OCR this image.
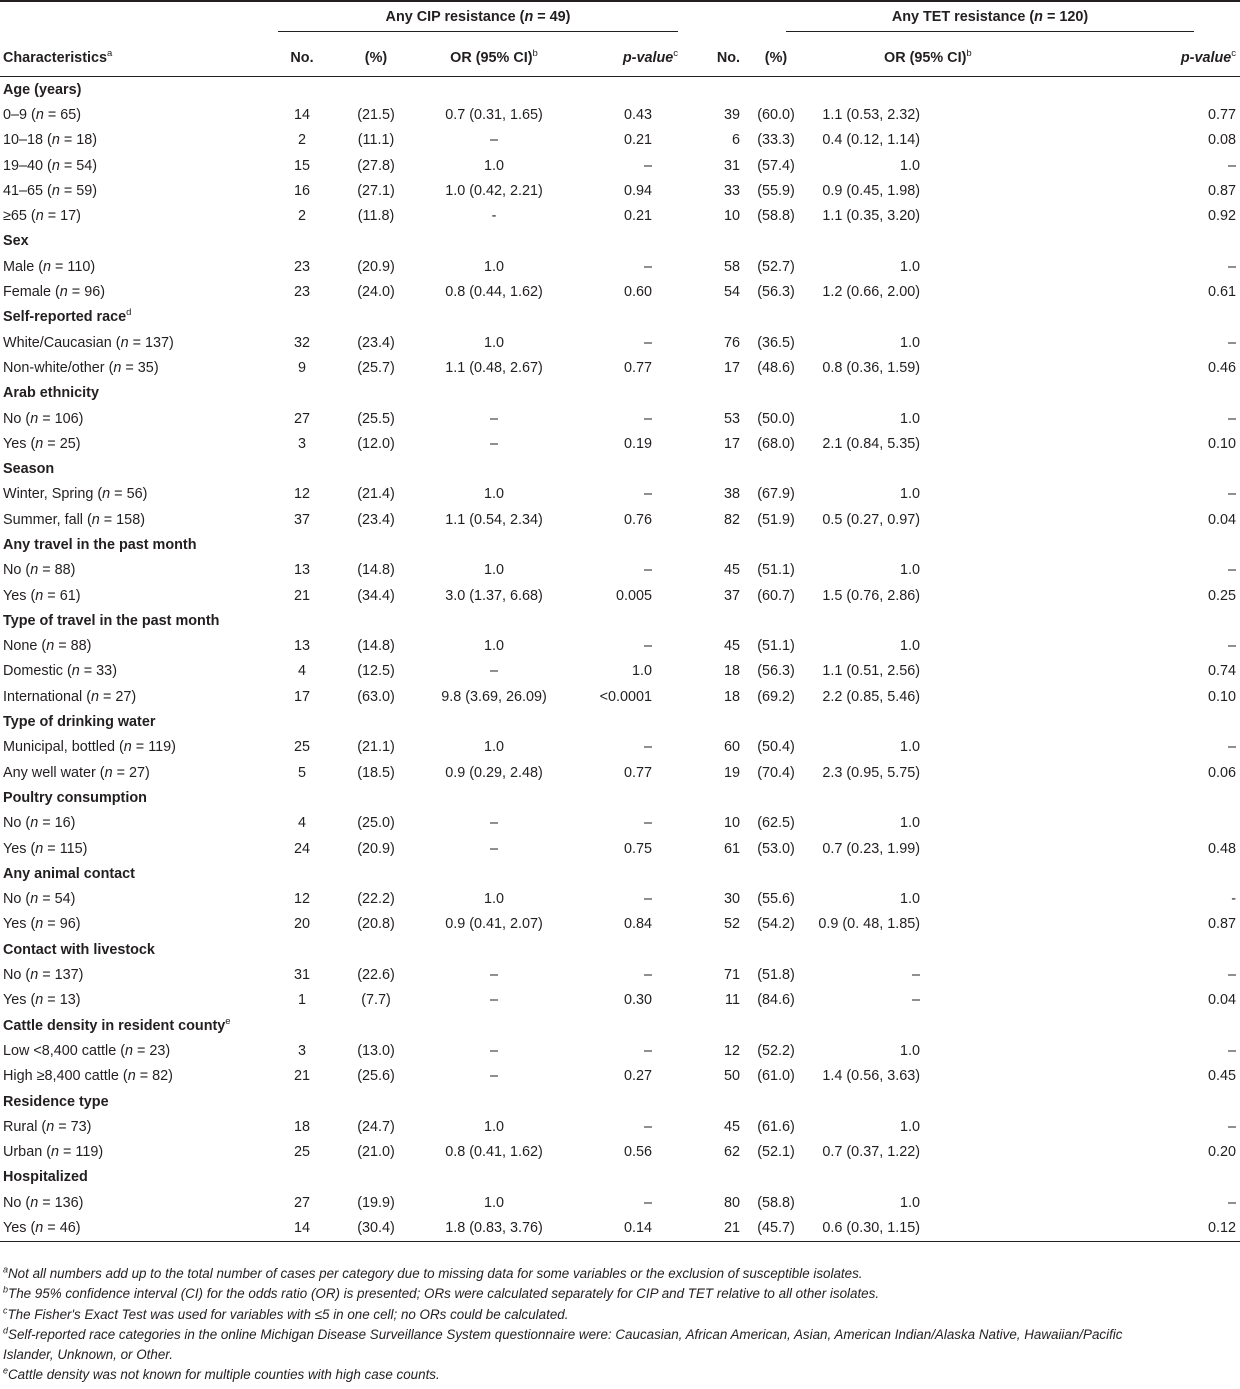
	Any CIP resistance (n = 49)					Any TET resistance (n = 120)			
Characteristics$^a$	No.	(%)	OR (95% CI)$^b$	p-value$^c$	No.	(%)	OR (95% CI)$^b$		p-value$^c$
Age (years)									
0–9 (n = 65)	14	(21.5)	0.7 (0.31, 1.65)	0.43	39	(60.0)	1.1 (0.53, 2.32)		0.77
10–18 (n = 18)	2	(11.1)	–	0.21	6	(33.3)	0.4 (0.12, 1.14)		0.08
19–40 (n = 54)	15	(27.8)	1.0	–	31	(57.4)	1.0		–
41–65 (n = 59)	16	(27.1)	1.0 (0.42, 2.21)	0.94	33	(55.9)	0.9 (0.45, 1.98)		0.87
≥65 (n = 17)	2	(11.8)	-	0.21	10	(58.8)	1.1 (0.35, 3.20)		0.92
Sex									
Male (n = 110)	23	(20.9)	1.0	–	58	(52.7)	1.0		–
Female (n = 96)	23	(24.0)	0.8 (0.44, 1.62)	0.60	54	(56.3)	1.2 (0.66, 2.00)		0.61
Self-reported race$^d$
White/Caucasian (n = 137)	32	(23.4)	1.0	–	76	(36.5)	1.0		–
Non-white/other (n = 35)	9	(25.7)	1.1 (0.48, 2.67)	0.77	17	(48.6)	0.8 (0.36, 1.59)		0.46
Arab ethnicity									
No (n = 106)	27	(25.5)	–	–	53	(50.0)	1.0		–
Yes (n = 25)	3	(12.0)	–	0.19	17	(68.0)	2.1 (0.84, 5.35)		0.10
Season									
Winter, Spring (n = 56)	12	(21.4)	1.0	–	38	(67.9)	1.0		–
Summer, fall (n = 158)	37	(23.4)	1.1 (0.54, 2.34)	0.76	82	(51.9)	0.5 (0.27, 0.97)		0.04
Any travel in the past month									
No (n = 88)	13	(14.8)	1.0	–	45	(51.1)	1.0		–
Yes (n = 61)	21	(34.4)	3.0 (1.37, 6.68)	0.005	37	(60.7)	1.5 (0.76, 2.86)		0.25
Type of travel in the past month									
None (n = 88)	13	(14.8)	1.0	–	45	(51.1)	1.0		–
Domestic (n = 33)	4	(12.5)	–	1.0	18	(56.3)	1.1 (0.51, 2.56)		0.74
International (n = 27)	17	(63.0)	9.8 (3.69, 26.09)	<0.0001	18	(69.2)	2.2 (0.85, 5.46)		0.10
Type of drinking water									
Municipal, bottled (n = 119)	25	(21.1)	1.0	–	60	(50.4)	1.0		–
Any well water (n = 27)	5	(18.5)	0.9 (0.29, 2.48)	0.77	19	(70.4)	2.3 (0.95, 5.75)		0.06
Poultry consumption									
No (n = 16)	4	(25.0)	–	–	10	(62.5)	1.0		
Yes (n = 115)	24	(20.9)	–	0.75	61	(53.0)	0.7 (0.23, 1.99)		0.48
Any animal contact									
No (n = 54)	12	(22.2)	1.0	–	30	(55.6)	1.0		-
Yes (n = 96)	20	(20.8)	0.9 (0.41, 2.07)	0.84	52	(54.2)	0.9 (0. 48, 1.85)		0.87
Contact with livestock									
No (n = 137)	31	(22.6)	–	–	71	(51.8)	–		–
Yes (n = 13)	1	(7.7)	–	0.30	11	(84.6)	–		0.04
Cattle density in resident county$^e$
Low <8,400 cattle (n = 23)	3	(13.0)	–	–	12	(52.2)	1.0		–
High ≥8,400 cattle (n = 82)	21	(25.6)	–	0.27	50	(61.0)	1.4 (0.56, 3.63)		0.45
Residence type									
Rural (n = 73)	18	(24.7)	1.0	–	45	(61.6)	1.0		–
Urban (n = 119)	25	(21.0)	0.8 (0.41, 1.62)	0.56	62	(52.1)	0.7 (0.37, 1.22)		0.20
Hospitalized									
No (n = 136)	27	(19.9)	1.0	–	80	(58.8)	1.0		–
Yes (n = 46)	14	(30.4)	1.8 (0.83, 3.76)	0.14	21	(45.7)	0.6 (0.30, 1.15)		0.12

$^a$Not all numbers add up to the total number of cases per category due to missing data for some variables or the exclusion of susceptible isolates.

$^b$The 95% confidence interval (CI) for the odds ratio (OR) is presented; ORs were calculated separately for CIP and TET relative to all other isolates.

$^c$The Fisher's Exact Test was used for variables with ≤5 in one cell; no ORs could be calculated.

$^d$Self-reported race categories in the online Michigan Disease Surveillance System questionnaire were: Caucasian, African American, Asian, American Indian/Alaska Native, Hawaiian/Pacific Islander, Unknown, or Other.

$^e$Cattle density was not known for multiple counties with high case counts.
